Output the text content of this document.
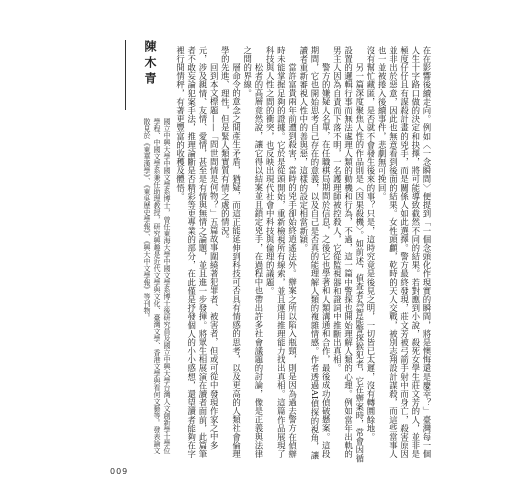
在在影響後續走向。例如〈一念瞬間〉便提到「一個念頭化作現實的瞬間，將是懊悔還是慶幸？」臺灣每一個人生十字路口做的決定和抉擇，將可能導致截然不同的結果。若對應到小說，殺死女學生莊文芳的人，並非是極度仔仔且有謀殺計畫的兇手，而是關係人如此選擇。警方最終發現，莊文芳被弓箭手射中而身亡，殺害原因並非出於惡意，因此也無意看到後面的結果。女性頭顱，乾時的天人交戰，被別志翔設計謀殺，而這些當事人也一並被捲入後續事件，悲劇無可挽回。

沒有幫忙藏匿，是否就不會發生後來的事？只是，這時究竟是後見之明，一切皆已太遲，沒有轉圜餘地。

另一篇深度聚焦人性的作品則是〈因果殺機〉。如前述，偵查者為智能警探猴犯者，它在辦案時，常會因循設置的邏輯行事而無法處理人類的動機和行為，不過，這一篇中警探也開始理解人類的心理。例如當年出軌的男主人因為自責而下落不明，一名護理師被控殺人，它從監視器和證詞中推斷出真相。

警方的嫌疑人名單，在任職棋局期間於信息，之後它也學著和人類溝通和合作，最後成功偵破懸案。這段期間，它也開始思考自己存在的意義，以及自己是否真的能理解人類的複雜情感。作者透過AI偵探的視角，讓讀者重新審視人性中的善與惡，這樣的設定相當新穎。

當許富貴兩年前遭到殺害，當時的兇手卻始終逍遙法外。辦案之所以陷入瓶頸，則是因為過去警方在偵辦時未能掌握足夠的證據。它於是從頭開始，重新檢視所有線索，並且運用推理能力找出真相。這篇作品展現了科技與人性之間的衝突，也反映出現代社會中科技與倫理的議題。

松者的高層竟然說，讓它得以結案並且鎖定兇手，在過程中也帶出許多社會議題的討論，像是正義與法律之間的界線。

層命令的意念之間產生矛盾，猶疑，而這正能延伸到科技可否具有情感的思考，以及更高的人類社會倫理學的先進、理性，但是緊人類實質有情之處的情況。

回到本文標題——「問世間情是何物？」五篇故事圍繞著犯罪者、被害者，但或可從中發現作家之中多元，涉及親情、友情、愛情，甚至是有情與無情之論題，並且進一步發揮。將眾生相展演在讀者面前，此篇筆者不敢妄論犯案手法，推理論斷是否精彩等更專業的部分，在此僅是抒發個人的小小感想，還望讀者能夠在字裡行間情秤，有著更豐富的收穫及體悟。

陳木青
國立中興大學中國文學系博士，曾任東海大學中國文學系博士後研究員及國立中興大學台灣人文創新學士學位學程、中國文學系兼任助理教授，研究興趣是近代文學與文化、臺灣文學、香港文學與看何文藝等。發表論文散見於《東華漢學》、《東吳歷史學報》、《興大中文學報》等刊物。
009
